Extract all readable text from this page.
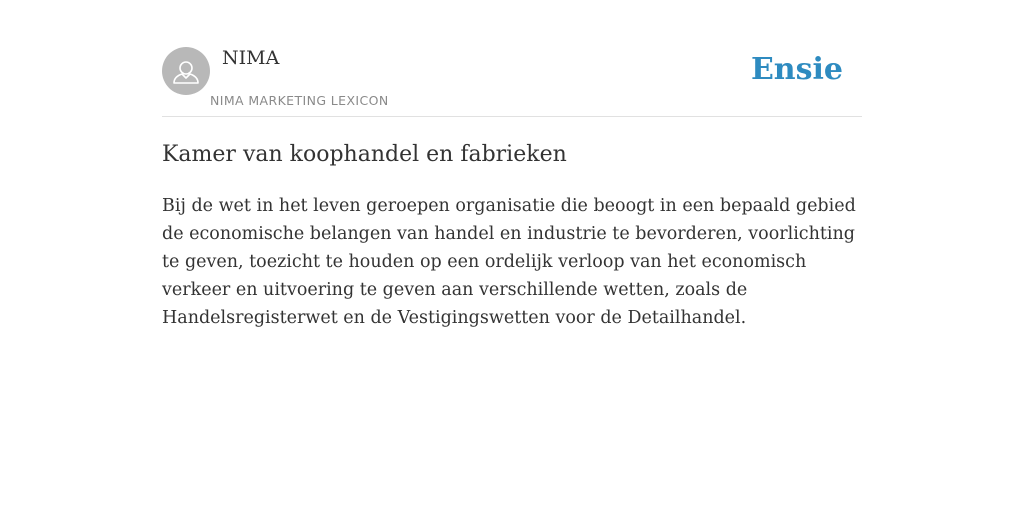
NIMA
NIMA MARKETING LEXICON
Ensie
Kamer van koophandel en fabrieken

Bij de wet in het leven geroepen organisatie die beoogt in een bepaald gebied de economische belangen van handel en industrie te bevorderen, voorlichting te geven, toezicht te houden op een ordelijk verloop van het economisch verkeer en uitvoering te geven aan verschillende wetten, zoals de Handelsregisterwet en de Vestigingswetten voor de Detailhandel.
